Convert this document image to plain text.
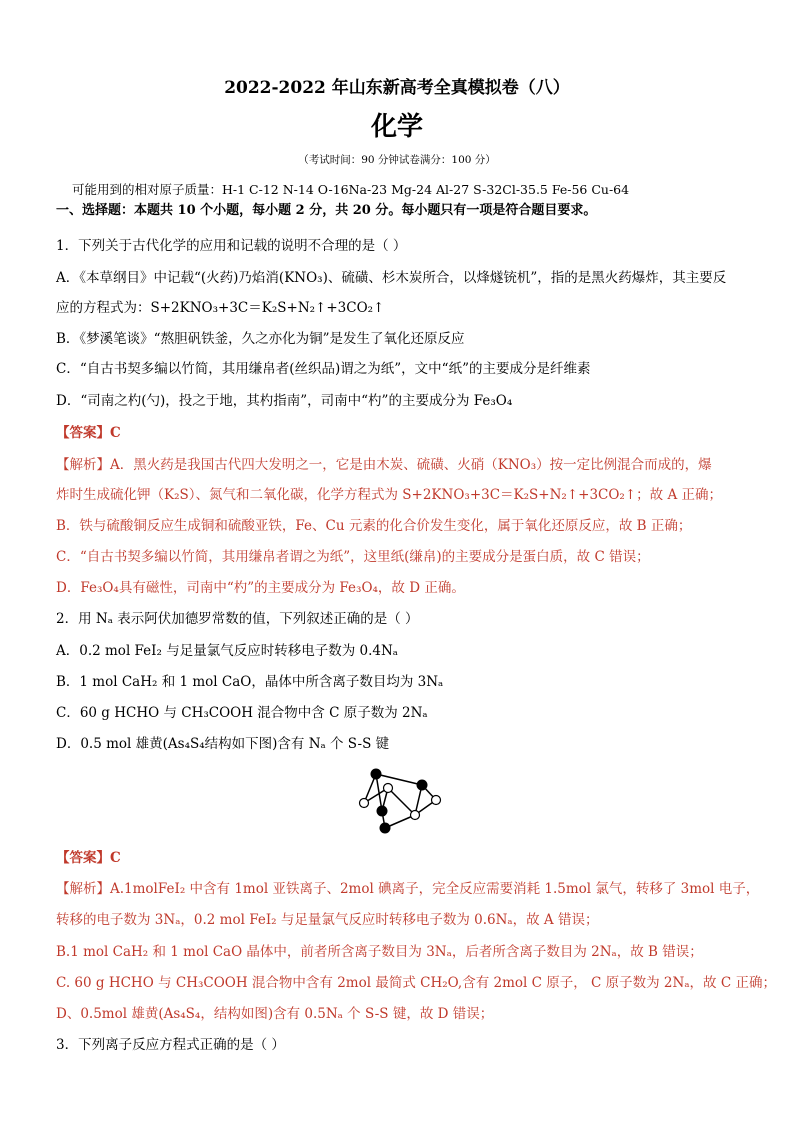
2022-2022 年山东新高考全真模拟卷（八）
化学
（考试时间：90 分钟试卷满分：100 分）
可能用到的相对原子质量：H-1 C-12 N-14 O-16Na-23 Mg-24 Al-27 S-32Cl-35.5 Fe-56 Cu-64
一、选择题：本题共 10 个小题，每小题 2 分，共 20 分。每小题只有一项是符合题目要求。
1．下列关于古代化学的应用和记载的说明不合理的是（ ）
A．《本草纲目》中记载“(火药)乃焰消(KNO₃)、硫磺、杉木炭所合，以烽燧铳机”，指的是黑火药爆炸，其主要反
应的方程式为：S+2KNO₃+3C＝K₂S+N₂↑+3CO₂↑
B．《梦溪笔谈》“熬胆矾铁釜，久之亦化为铜”是发生了氧化还原反应
C．“自古书契多编以竹简，其用缣帛者(丝织品)谓之为纸”，文中“纸”的主要成分是纤维素
D．“司南之杓(勺)，投之于地，其杓指南”，司南中“杓”的主要成分为 Fe₃O₄
【答案】C
【解析】A．黑火药是我国古代四大发明之一，它是由木炭、硫磺、火硝（KNO₃）按一定比例混合而成的，爆
炸时生成硫化钾（K₂S）、氮气和二氧化碳，化学方程式为 S+2KNO₃+3C＝K₂S+N₂↑+3CO₂↑；故 A 正确；
B．铁与硫酸铜反应生成铜和硫酸亚铁，Fe、Cu 元素的化合价发生变化，属于氧化还原反应，故 B 正确；
C．“自古书契多编以竹简，其用缣帛者谓之为纸”，这里纸(缣帛)的主要成分是蛋白质，故 C 错误；
D．Fe₃O₄具有磁性，司南中“杓”的主要成分为 Fe₃O₄，故 D 正确。
2．用 Nₐ 表示阿伏加德罗常数的值，下列叙述正确的是（ ）
A．0.2 mol FeI₂ 与足量氯气反应时转移电子数为 0.4Nₐ
B．1 mol CaH₂ 和 1 mol CaO，晶体中所含离子数目均为 3Nₐ
C．60 g HCHO 与 CH₃COOH 混合物中含 C 原子数为 2Nₐ
D．0.5 mol 雄黄(As₄S₄结构如下图)含有 Nₐ 个 S-S 键
【答案】C
【解析】A.1molFeI₂ 中含有 1mol 亚铁离子、2mol 碘离子，完全反应需要消耗 1.5mol 氯气，转移了 3mol 电子，
转移的电子数为 3Nₐ，0.2 mol FeI₂ 与足量氯气反应时转移电子数为 0.6Nₐ，故 A 错误；
B.1 mol CaH₂ 和 1 mol CaO 晶体中，前者所含离子数目为 3Nₐ，后者所含离子数目为 2Nₐ，故 B 错误；
C. 60 g HCHO 与 CH₃COOH 混合物中含有 2mol 最简式 CH₂O,含有 2mol C 原子， C 原子数为 2Nₐ，故 C 正确；
D、0.5mol 雄黄(As₄S₄，结构如图)含有 0.5Nₐ 个 S-S 键，故 D 错误；
3．下列离子反应方程式正确的是（ ）
